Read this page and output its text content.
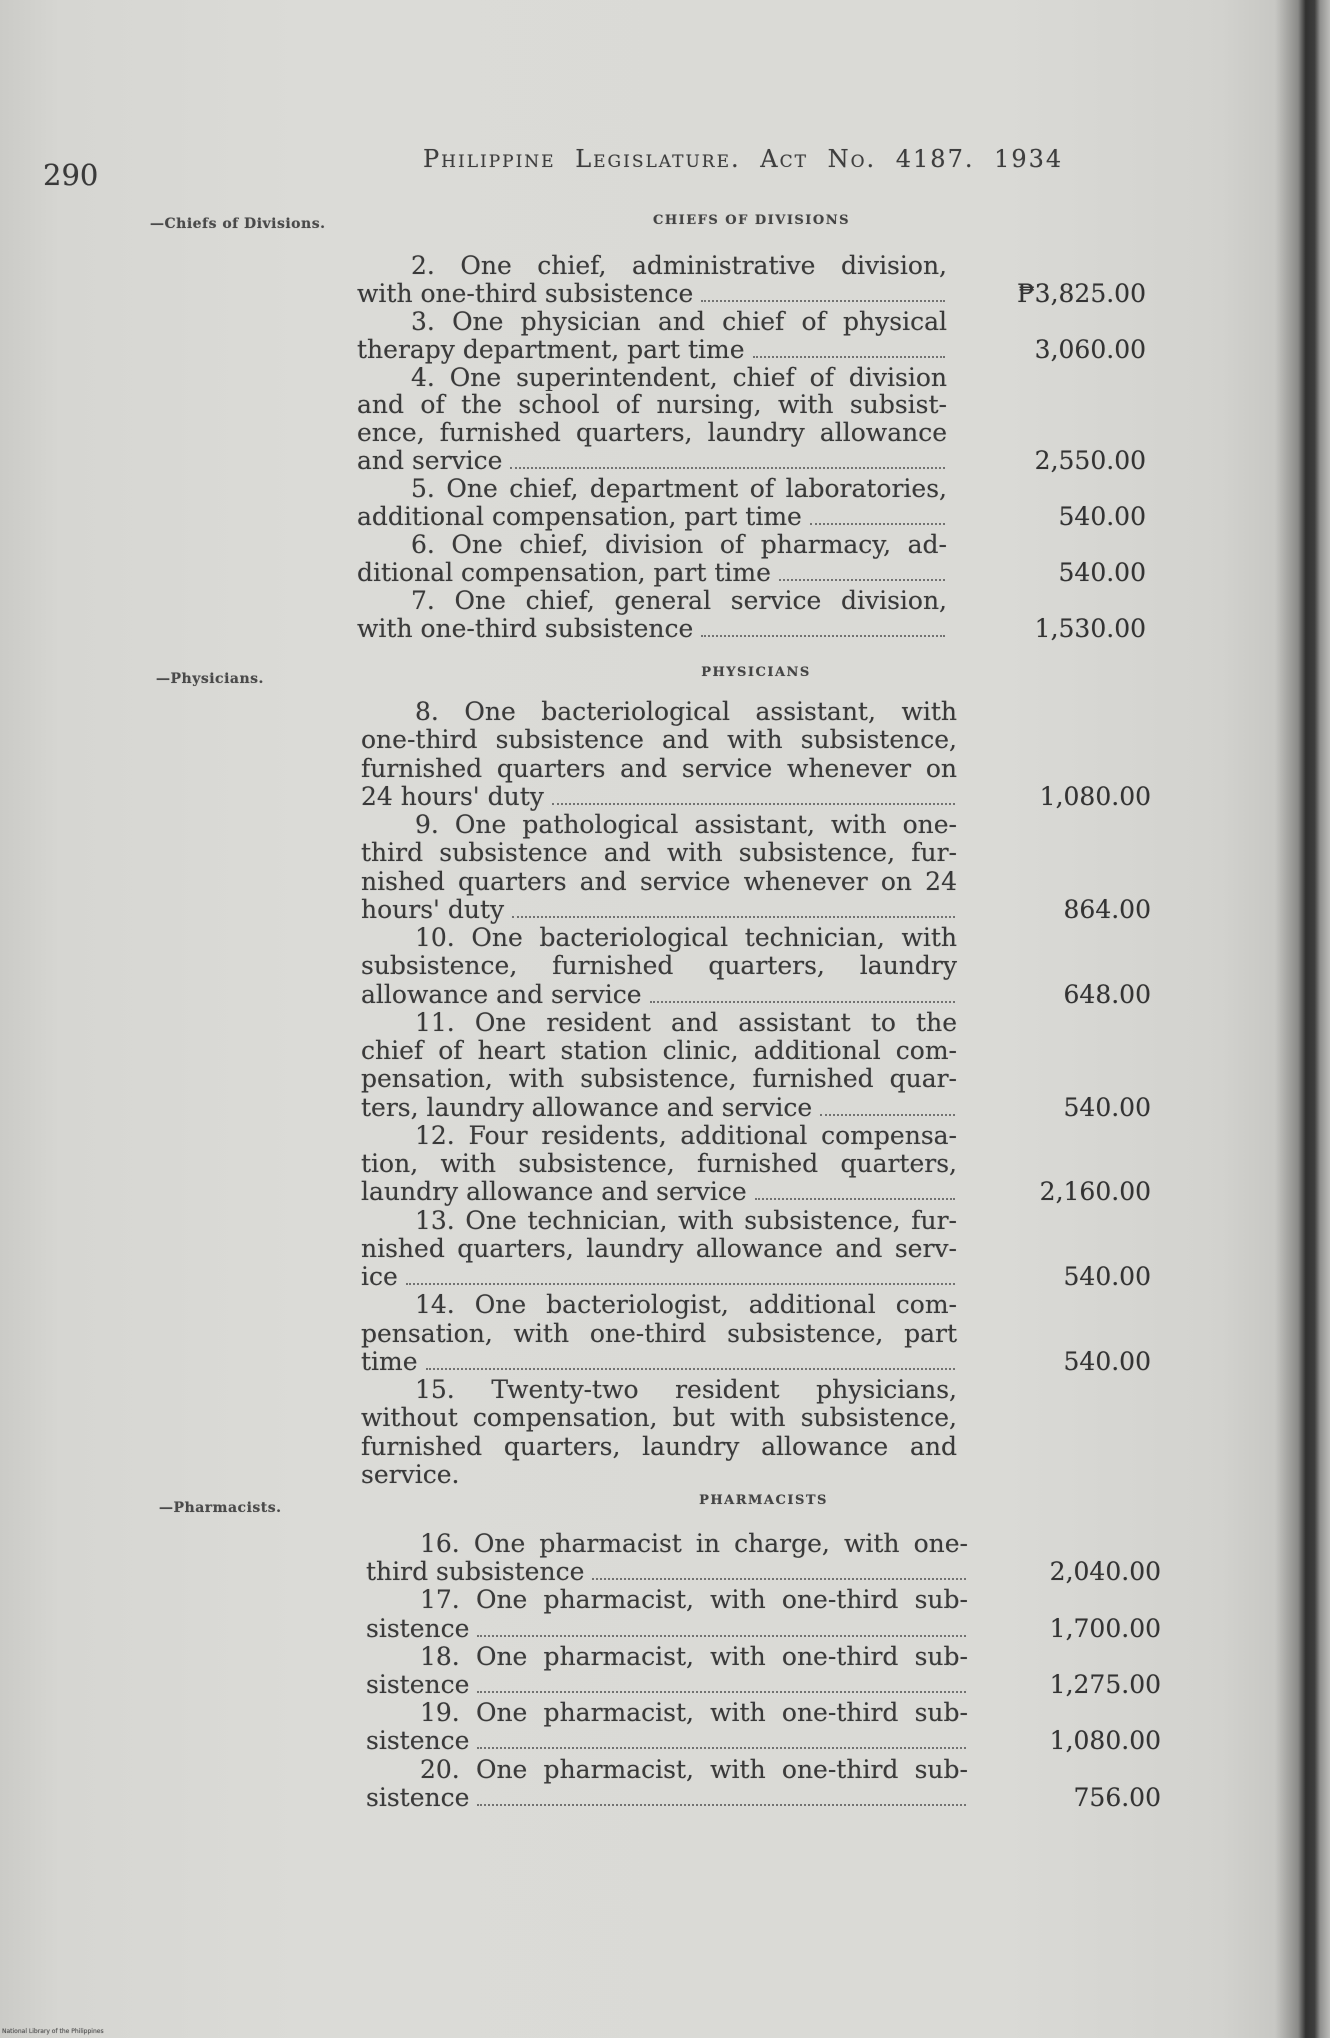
290	Philippine Legislature. Act No. 4187. 1934
—Chiefs of Divisions.
—Physicians.
—Pharmacists.
CHIEFS OF DIVISIONS
2. One chief, administrative division,
with one-third subsistence	₱3,825.00
3. One physician and chief of physical
therapy department, part time	3,060.00
4. One superintendent, chief of division
and of the school of nursing, with subsist-
ence, furnished quarters, laundry allowance
and service	2,550.00
5. One chief, department of laboratories,
additional compensation, part time	540.00
6. One chief, division of pharmacy, ad-
ditional compensation, part time	540.00
7. One chief, general service division,
with one-third subsistence	1,530.00
PHYSICIANS
8. One bacteriological assistant, with
one-third subsistence and with subsistence,
furnished quarters and service whenever on
24 hours' duty	1,080.00
9. One pathological assistant, with one-
third subsistence and with subsistence, fur-
nished quarters and service whenever on 24
hours' duty	864.00
10. One bacteriological technician, with
subsistence, furnished quarters, laundry
allowance and service	648.00
11. One resident and assistant to the
chief of heart station clinic, additional com-
pensation, with subsistence, furnished quar-
ters, laundry allowance and service	540.00
12. Four residents, additional compensa-
tion, with subsistence, furnished quarters,
laundry allowance and service	2,160.00
13. One technician, with subsistence, fur-
nished quarters, laundry allowance and serv-
ice	540.00
14. One bacteriologist, additional com-
pensation, with one-third subsistence, part
time	540.00
15. Twenty-two resident physicians,
without compensation, but with subsistence,
furnished quarters, laundry allowance and
service.
PHARMACISTS
16. One pharmacist in charge, with one-
third subsistence	2,040.00
17. One pharmacist, with one-third sub-
sistence	1,700.00
18. One pharmacist, with one-third sub-
sistence	1,275.00
19. One pharmacist, with one-third sub-
sistence	1,080.00
20. One pharmacist, with one-third sub-
sistence	756.00
National Library of the Philippines
